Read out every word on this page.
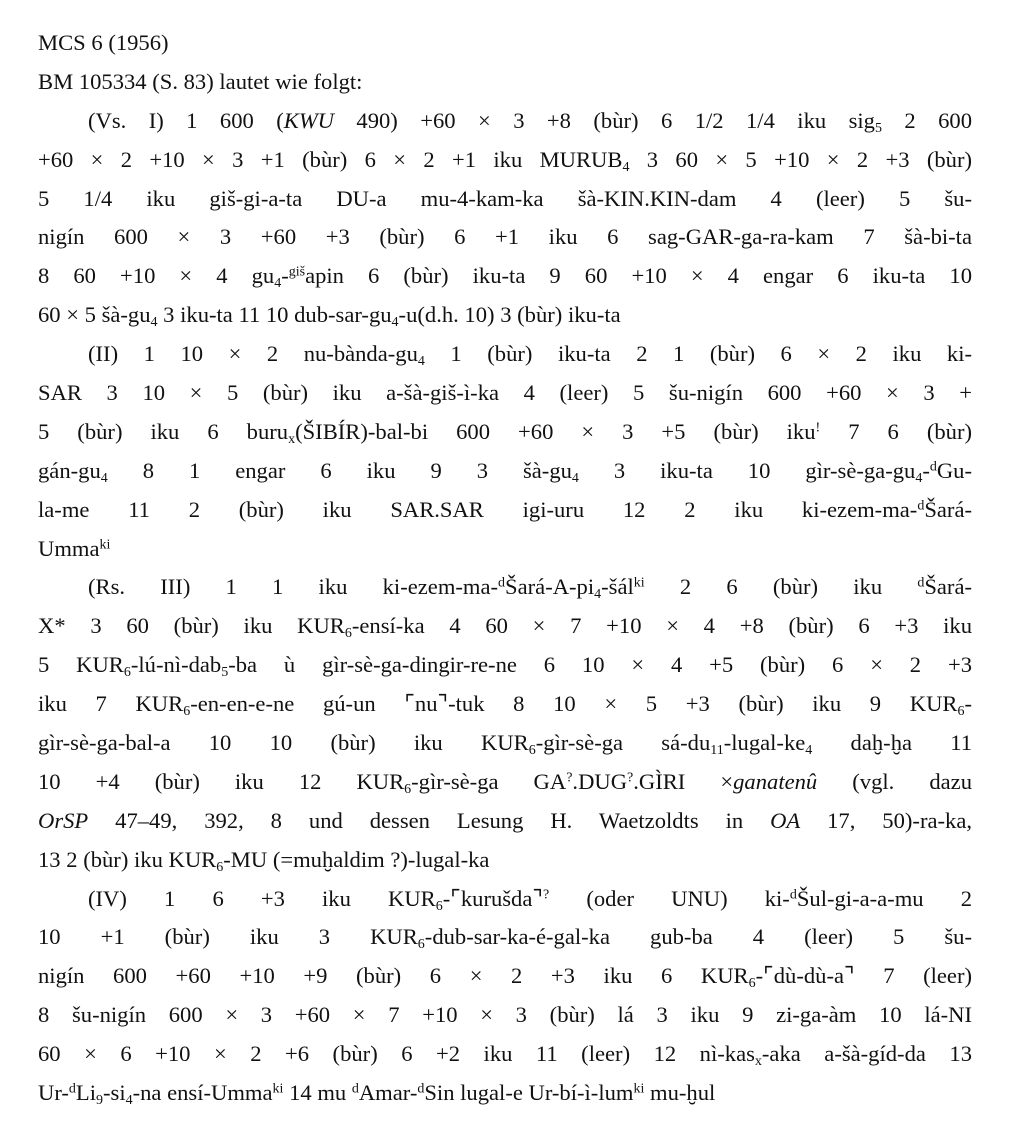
MCS 6 (1956)
BM 105334 (S. 83) lautet wie folgt:
(Vs. I) 1 600 (KWU 490) +60 × 3 +8 (bùr) 6 1/2 1/4 iku sig$_5$ 2 600
+60 × 2 +10 × 3 +1 (bùr) 6 × 2 +1 iku $MURUB_4$ 3 60 × 5 +10 × 2 +3 (bùr)
5 1/4 iku giš-gi-a-ta DU-a mu-4-kam-ka šà-KIN.KIN-dam 4 (leer) 5 šu-
nigín 600 × 3 +60 +3 (bùr) 6 +1 iku 6 sag-GAR-ga-ra-kam 7 šà-bi-ta
8 60 +10 × 4 $gu_4-^{giš}apin$ 6 (bùr) iku-ta 9 60 +10 × 4 engar 6 iku-ta 10
60 × 5 $šà-gu_4$ 3 iku-ta 11 10 dub-$sar-gu_4-u(d.h$. 10) 3 (bùr) iku-ta
(II) 1 10 × 2 $nu-bànda-gu_4$ 1 (bùr) iku-ta 2 1 (bùr) 6 × 2 iku ki-
SAR 3 10 × 5 (bùr) iku a-šà-giš-ì-ka 4 (leer) 5 šu-nigín 600 +60 × 3 +
5 (bùr) iku 6 buru$_x$(ŠIBÍR)-bal-bi 600 +60 × 3 +5 (bùr) iku! 7 6 (bùr)
gán-$gu_4$ 8 1 engar 6 iku 9 3 $šà-gu_4$ 3 iku-ta 10 gìr-$sè-ga-gu_4-^dGu-$
la-me 11 2 (bùr) iku SAR.SAR igi-uru 12 2 iku ki-ezem-ma-$^d$Šará-
Umma$^{ki}$
(Rs. III) 1 1 iku $ki-ezem-ma-^dŠará-A-pi_4-šál^{ki}$ 2 6 (bùr) iku $^d$Šará-
X* 3 60 (bùr) iku $KUR_6-ensí-ka$ 4 60 × 7 +10 × 4 +8 (bùr) 6 +3 iku
5 $KUR_6-lú-nì-dab_5-ba$ ù gìr-sè-ga-dingir-re-ne 6 10 × 4 +5 (bùr) 6 × 2 +3
iku 7 $KUR_6-en-en-e-ne$ gú-un ⌜nu⌝-tuk 8 10 × 5 +3 (bùr) iku 9 $KUR_6-$
gìr-sè-ga-bal-a 10 10 (bùr) iku $KUR_6-gìr-sè-ga$ $sá-du_{11}-lugal-ke_4$ daḫ-ḫa 11
10 +4 (bùr) iku 12 $KUR_6-gìr-sè-ga$ GA?.DUG?.GÌRI ×ganatenû (vgl. dazu
OrSP 47–49, 392, 8 und dessen Lesung H. Waetzoldts in OA 17, 50)-ra-ka,
13 2 (bùr) iku $KUR_6-MU$ (=muḫaldim ?)-lugal-ka
(IV) 1 6 +3 iku $KUR_6-⌜kurušda⌝^?$ (oder UNU) ki-$^d$Šul-gi-a-a-mu 2
10 +1 (bùr) iku 3 $KUR_6-dub-sar-ka-é-gal-ka$ gub-ba 4 (leer) 5 šu-
nigín 600 +60 +10 +9 (bùr) 6 × 2 +3 iku 6 $KUR_6-⌜dù-dù-a⌝$ 7 (leer)
8 šu-nigín 600 × 3 +60 × 7 +10 × 3 (bùr) lá 3 iku 9 zi-ga-àm 10 lá-NI
60 × 6 +10 × 2 +6 (bùr) 6 +2 iku 11 (leer) 12 nì-kas$_x$-aka a-šà-gíd-da 13
$Ur-^dLi_9-si_4-na$ ensí-Umma$^{ki}$ 14 mu $^d$Amar-$^d$Sin lugal-e Ur-bí-ì-lum$^{ki}$ mu-ḫul
